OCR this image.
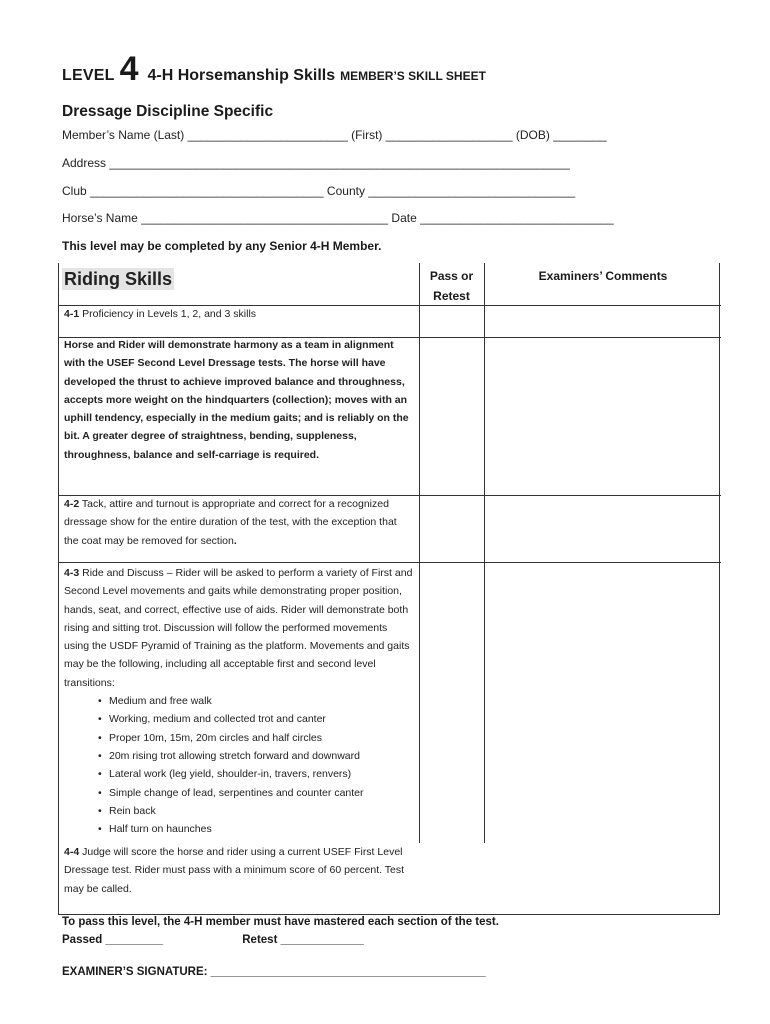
LEVEL 4 4-H Horsemanship Skills MEMBER’S SKILL SHEET
Dressage Discipline Specific
Member’s Name (Last) ________________________ (First) ___________________ (DOB) ________
Address _____________________________________________________________________
Club ___________________________________ County _______________________________
Horse’s Name _____________________________________ Date _____________________________
This level may be completed by any Senior 4-H Member.
Riding Skills	Pass or
Retest
Examiners’ Comments
4-1 Proficiency in Levels 1, 2, and 3 skills
Horse and Rider will demonstrate harmony as a team in alignment with the USEF Second Level Dressage tests. The horse will have developed the thrust to achieve improved balance and throughness, accepts more weight on the hindquarters (collection); moves with an uphill tendency, especially in the medium gaits; and is reliably on the bit. A greater degree of straightness, bending, suppleness, throughness, balance and self-carriage is required.
4-2 Tack, attire and turnout is appropriate and correct for a recognized dressage show for the entire duration of the test, with the exception that the coat may be removed for section.
4-3 Ride and Discuss – Rider will be asked to perform a variety of First and Second Level movements and gaits while demonstrating proper position, hands, seat, and correct, effective use of aids. Rider will demonstrate both rising and sitting trot. Discussion will follow the performed movements using the USDF Pyramid of Training as the platform. Movements and gaits may be the following, including all acceptable first and second level transitions:
• Medium and free walk
• Working, medium and collected trot and canter
• Proper 10m, 15m, 20m circles and half circles
• 20m rising trot allowing stretch forward and downward
• Lateral work (leg yield, shoulder-in, travers, renvers)
• Simple change of lead, serpentines and counter canter
• Rein back
• Half turn on haunches
4-4 Judge will score the horse and rider using a current USEF First Level Dressage test. Rider must pass with a minimum score of 60 percent. Test may be called.
To pass this level, the 4-H member must have mastered each section of the test.
Passed _________	Retest _____________
EXAMINER’S SIGNATURE: ___________________________________________
